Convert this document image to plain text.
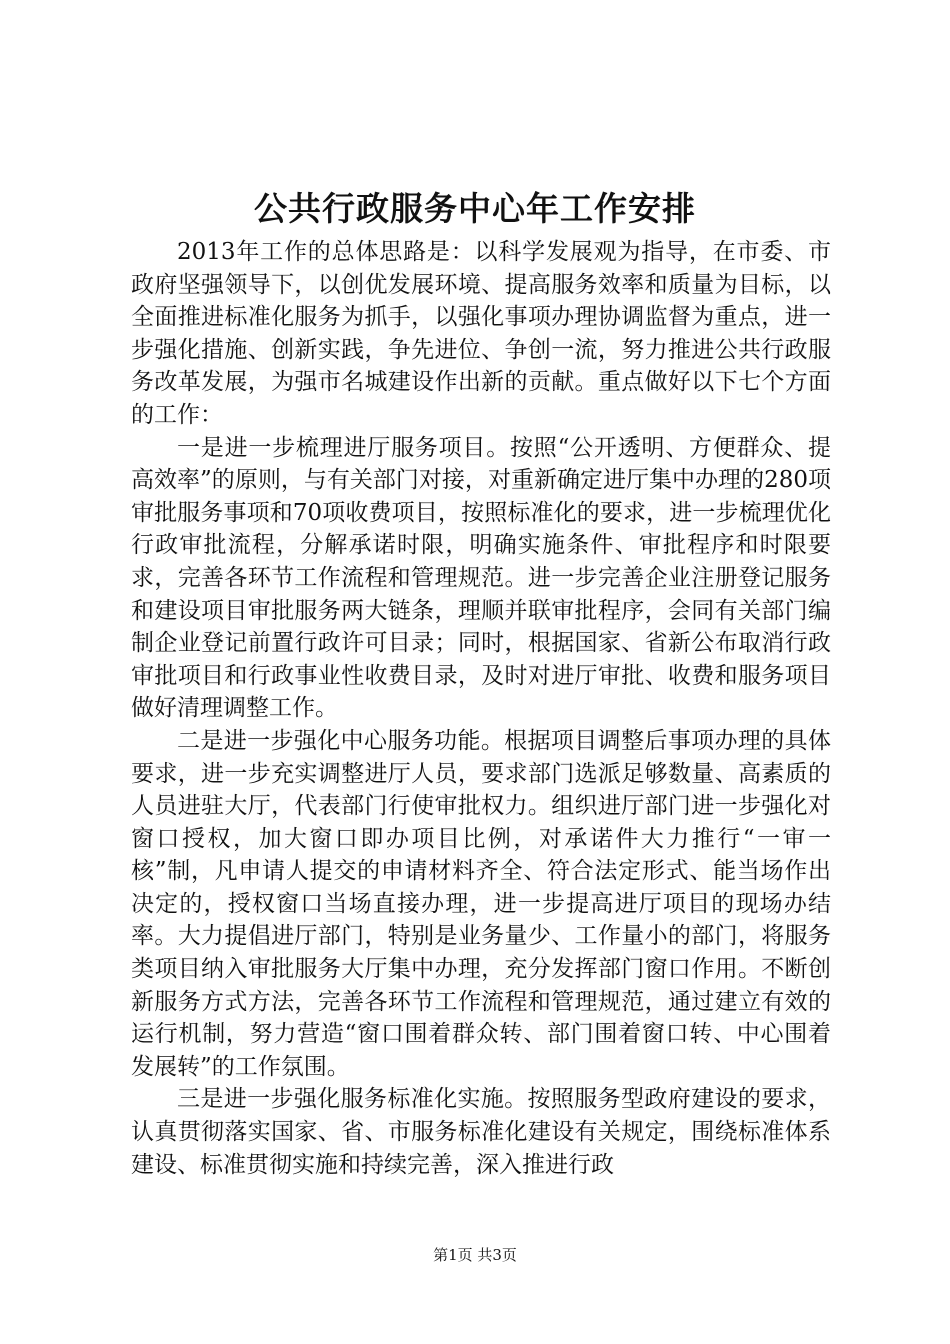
公共行政服务中心年工作安排

2013年工作的总体思路是：以科学发展观为指导，在市委、市政府坚强领导下，以创优发展环境、提高服务效率和质量为目标，以全面推进标准化服务为抓手，以强化事项办理协调监督为重点，进一步强化措施、创新实践，争先进位、争创一流，努力推进公共行政服务改革发展，为强市名城建设作出新的贡献。重点做好以下七个方面的工作：

一是进一步梳理进厅服务项目。按照“公开透明、方便群众、提高效率”的原则，与有关部门对接，对重新确定进厅集中办理的280项审批服务事项和70项收费项目，按照标准化的要求，进一步梳理优化行政审批流程，分解承诺时限，明确实施条件、审批程序和时限要求，完善各环节工作流程和管理规范。进一步完善企业注册登记服务和建设项目审批服务两大链条，理顺并联审批程序，会同有关部门编制企业登记前置行政许可目录；同时，根据国家、省新公布取消行政审批项目和行政事业性收费目录，及时对进厅审批、收费和服务项目做好清理调整工作。

二是进一步强化中心服务功能。根据项目调整后事项办理的具体要求，进一步充实调整进厅人员，要求部门选派足够数量、高素质的人员进驻大厅，代表部门行使审批权力。组织进厅部门进一步强化对窗口授权，加大窗口即办项目比例，对承诺件大力推行“一审一核”制，凡申请人提交的申请材料齐全、符合法定形式、能当场作出决定的，授权窗口当场直接办理，进一步提高进厅项目的现场办结率。大力提倡进厅部门，特别是业务量少、工作量小的部门，将服务类项目纳入审批服务大厅集中办理，充分发挥部门窗口作用。不断创新服务方式方法，完善各环节工作流程和管理规范，通过建立有效的运行机制，努力营造“窗口围着群众转、部门围着窗口转、中心围着发展转”的工作氛围。

三是进一步强化服务标准化实施。按照服务型政府建设的要求，认真贯彻落实国家、省、市服务标准化建设有关规定，围绕标准体系建设、标准贯彻实施和持续完善，深入推进行政

第1页 共3页
